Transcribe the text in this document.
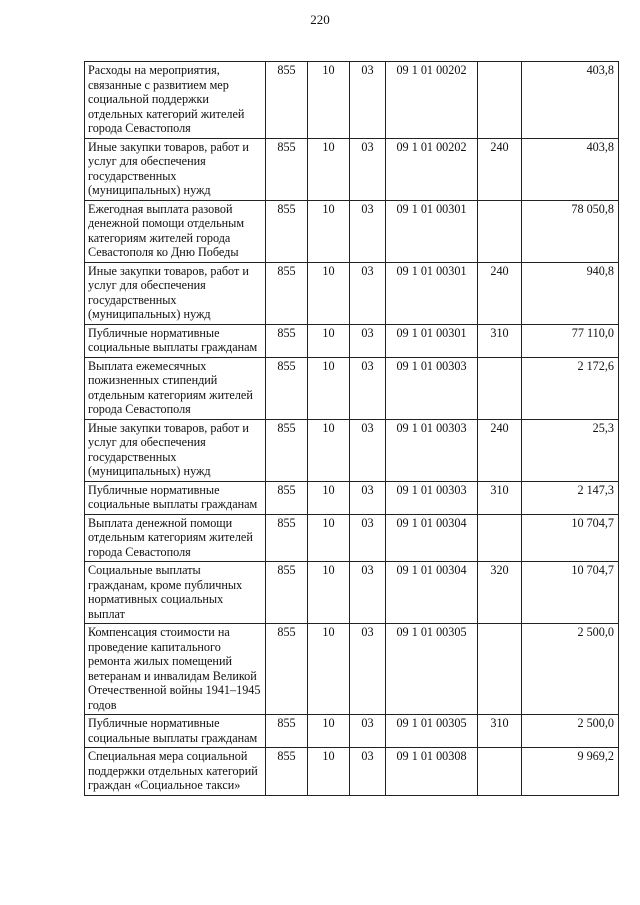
220
Расходы на мероприятия, связанные с развитием мер социальной поддержки отдельных категорий жителей города Севастополя	855	10	03	09 1 01 00202		403,8
Иные закупки товаров, работ и услуг для обеспечения государственных (муниципальных) нужд	855	10	03	09 1 01 00202	240	403,8
Ежегодная выплата разовой денежной помощи отдельным категориям жителей города Севастополя ко Дню Победы	855	10	03	09 1 01 00301		78 050,8
Иные закупки товаров, работ и услуг для обеспечения государственных (муниципальных) нужд	855	10	03	09 1 01 00301	240	940,8
Публичные нормативные социальные выплаты гражданам	855	10	03	09 1 01 00301	310	77 110,0
Выплата ежемесячных пожизненных стипендий отдельным категориям жителей города Севастополя	855	10	03	09 1 01 00303		2 172,6
Иные закупки товаров, работ и услуг для обеспечения государственных (муниципальных) нужд	855	10	03	09 1 01 00303	240	25,3
Публичные нормативные социальные выплаты гражданам	855	10	03	09 1 01 00303	310	2 147,3
Выплата денежной помощи отдельным категориям жителей города Севастополя	855	10	03	09 1 01 00304		10 704,7
Социальные выплаты гражданам, кроме публичных нормативных социальных выплат	855	10	03	09 1 01 00304	320	10 704,7
Компенсация стоимости на проведение капитального ремонта жилых помещений ветеранам и инвалидам Великой Отечественной войны 1941–1945 годов	855	10	03	09 1 01 00305		2 500,0
Публичные нормативные социальные выплаты гражданам	855	10	03	09 1 01 00305	310	2 500,0
Специальная мера социальной поддержки отдельных категорий граждан «Социальное такси»	855	10	03	09 1 01 00308		9 969,2
